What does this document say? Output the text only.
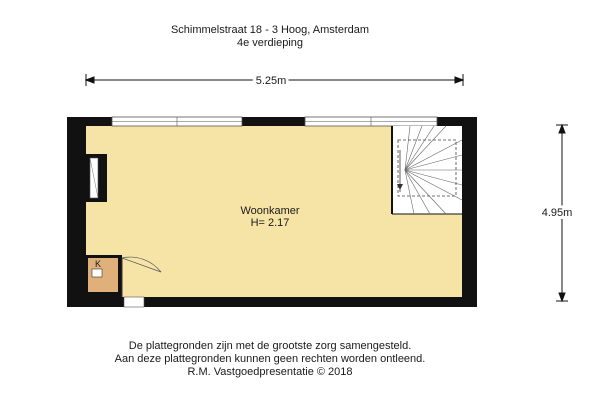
Schimmelstraat 18 - 3 Hoog, Amsterdam
4e verdieping
5.25m
4.95m
K
Woonkamer
H= 2.17
De plattegronden zijn met de grootste zorg samengesteld.
Aan deze plattegronden kunnen geen rechten worden ontleend.
R.M. Vastgoedpresentatie © 2018
